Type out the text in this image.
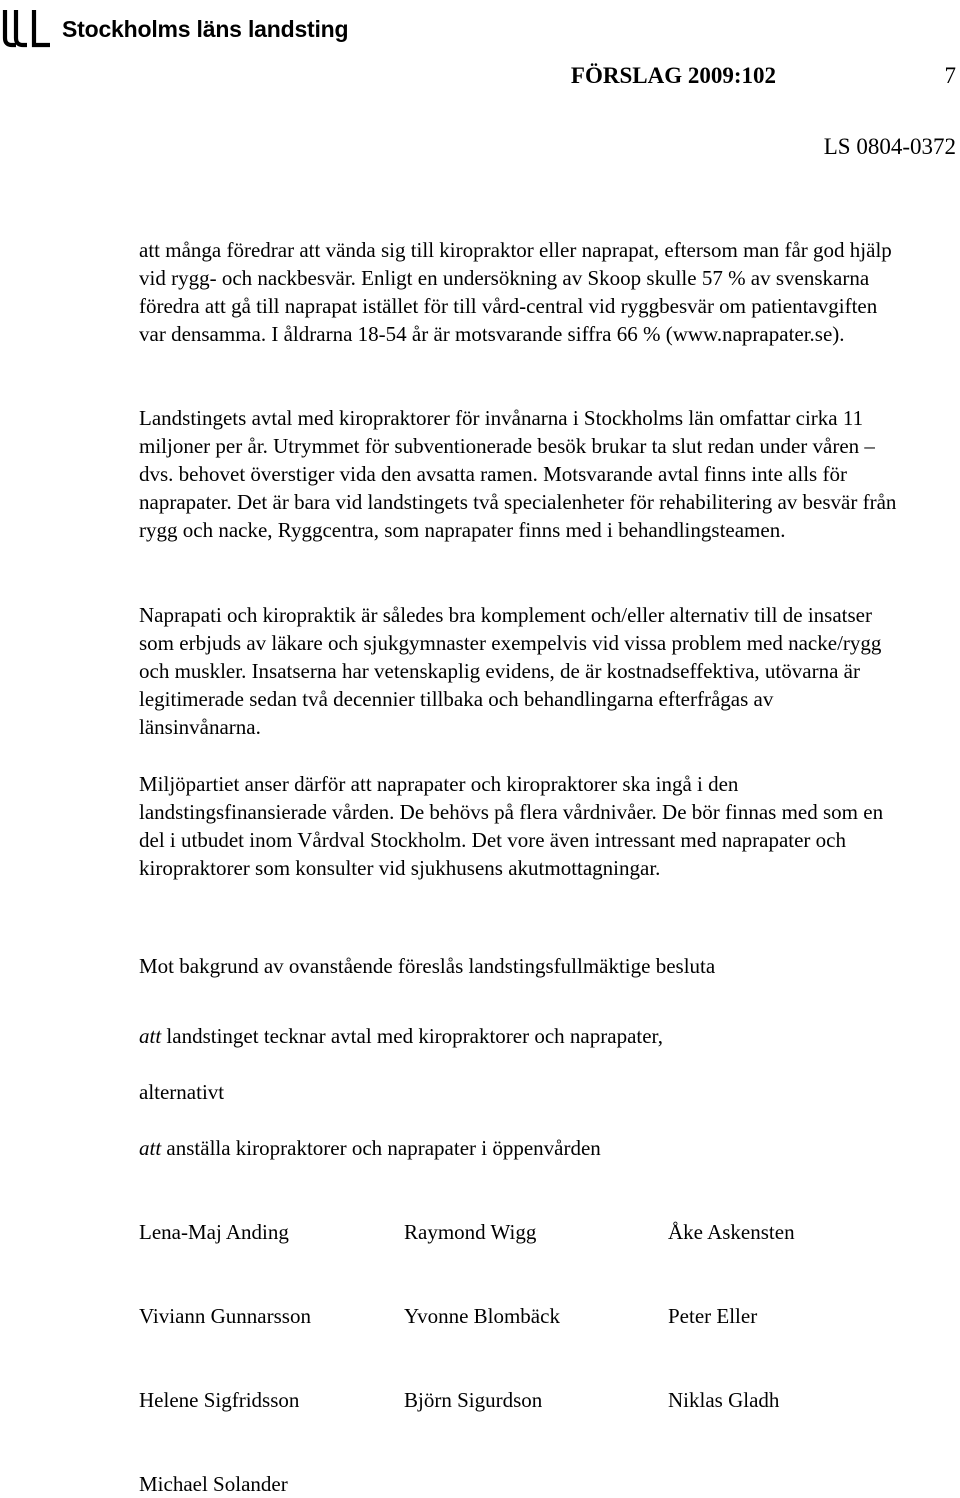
Stockholms läns landsting
FÖRSLAG 2009:102	7
LS 0804-0372

att många föredrar att vända sig till kiropraktor eller naprapat, eftersom man får god hjälp vid rygg- och nackbesvär. Enligt en undersökning av Skoop skulle 57 % av svenskarna föredra att gå till naprapat istället för till vård-central vid ryggbesvär om patientavgiften var densamma. I åldrarna 18-54 år är motsvarande siffra 66 % (www.naprapater.se).

Landstingets avtal med kiropraktorer för invånarna i Stockholms län omfattar cirka 11 miljoner per år. Utrymmet för subventionerade besök brukar ta slut redan under våren – dvs. behovet överstiger vida den avsatta ramen. Motsvarande avtal finns inte alls för naprapater. Det är bara vid landstingets två specialenheter för rehabilitering av besvär från rygg och nacke, Ryggcentra, som naprapater finns med i behandlingsteamen.

Naprapati och kiropraktik är således bra komplement och/eller alternativ till de insatser som erbjuds av läkare och sjukgymnaster exempelvis vid vissa problem med nacke/rygg och muskler. Insatserna har vetenskaplig evidens, de är kostnadseffektiva, utövarna är legitimerade sedan två decennier tillbaka och behandlingarna efterfrågas av länsinvånarna.

Miljöpartiet anser därför att naprapater och kiropraktorer ska ingå i den landstingsfinansierade vården. De behövs på flera vårdnivåer. De bör finnas med som en del i utbudet inom Vårdval Stockholm. Det vore även intressant med naprapater och kiropraktorer som konsulter vid sjukhusens akutmottagningar.

Mot bakgrund av ovanstående föreslås landstingsfullmäktige besluta

att landstinget tecknar avtal med kiropraktorer och naprapater,

alternativt

att anställa kiropraktorer och naprapater i öppenvården

Lena-Maj Anding	Raymond Wigg	Åke Askensten
Viviann Gunnarsson	Yvonne Blombäck	Peter Eller
Helene Sigfridsson	Björn Sigurdson	Niklas Gladh
Michael Solander
